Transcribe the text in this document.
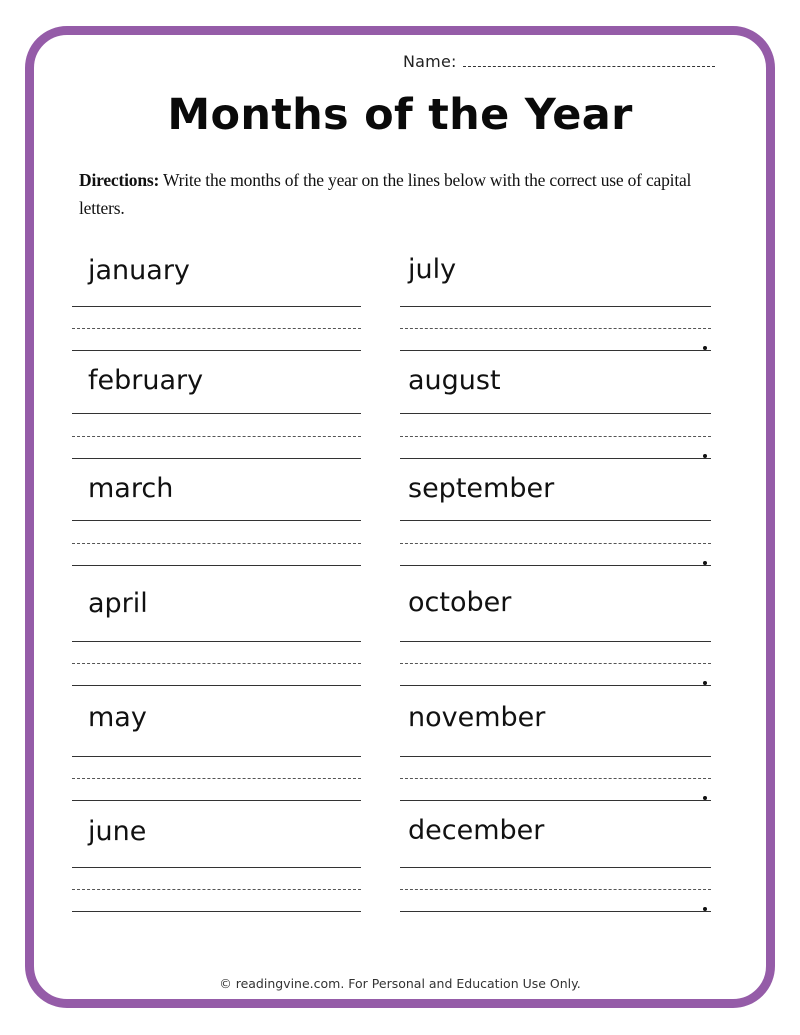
Name:
Months of the Year
Directions: Write the months of the year on the lines below with the correct use of capital letters.
january
february
march
april
may
june
july
august
september
october
november
december
© readingvine.com. For Personal and Education Use Only.
